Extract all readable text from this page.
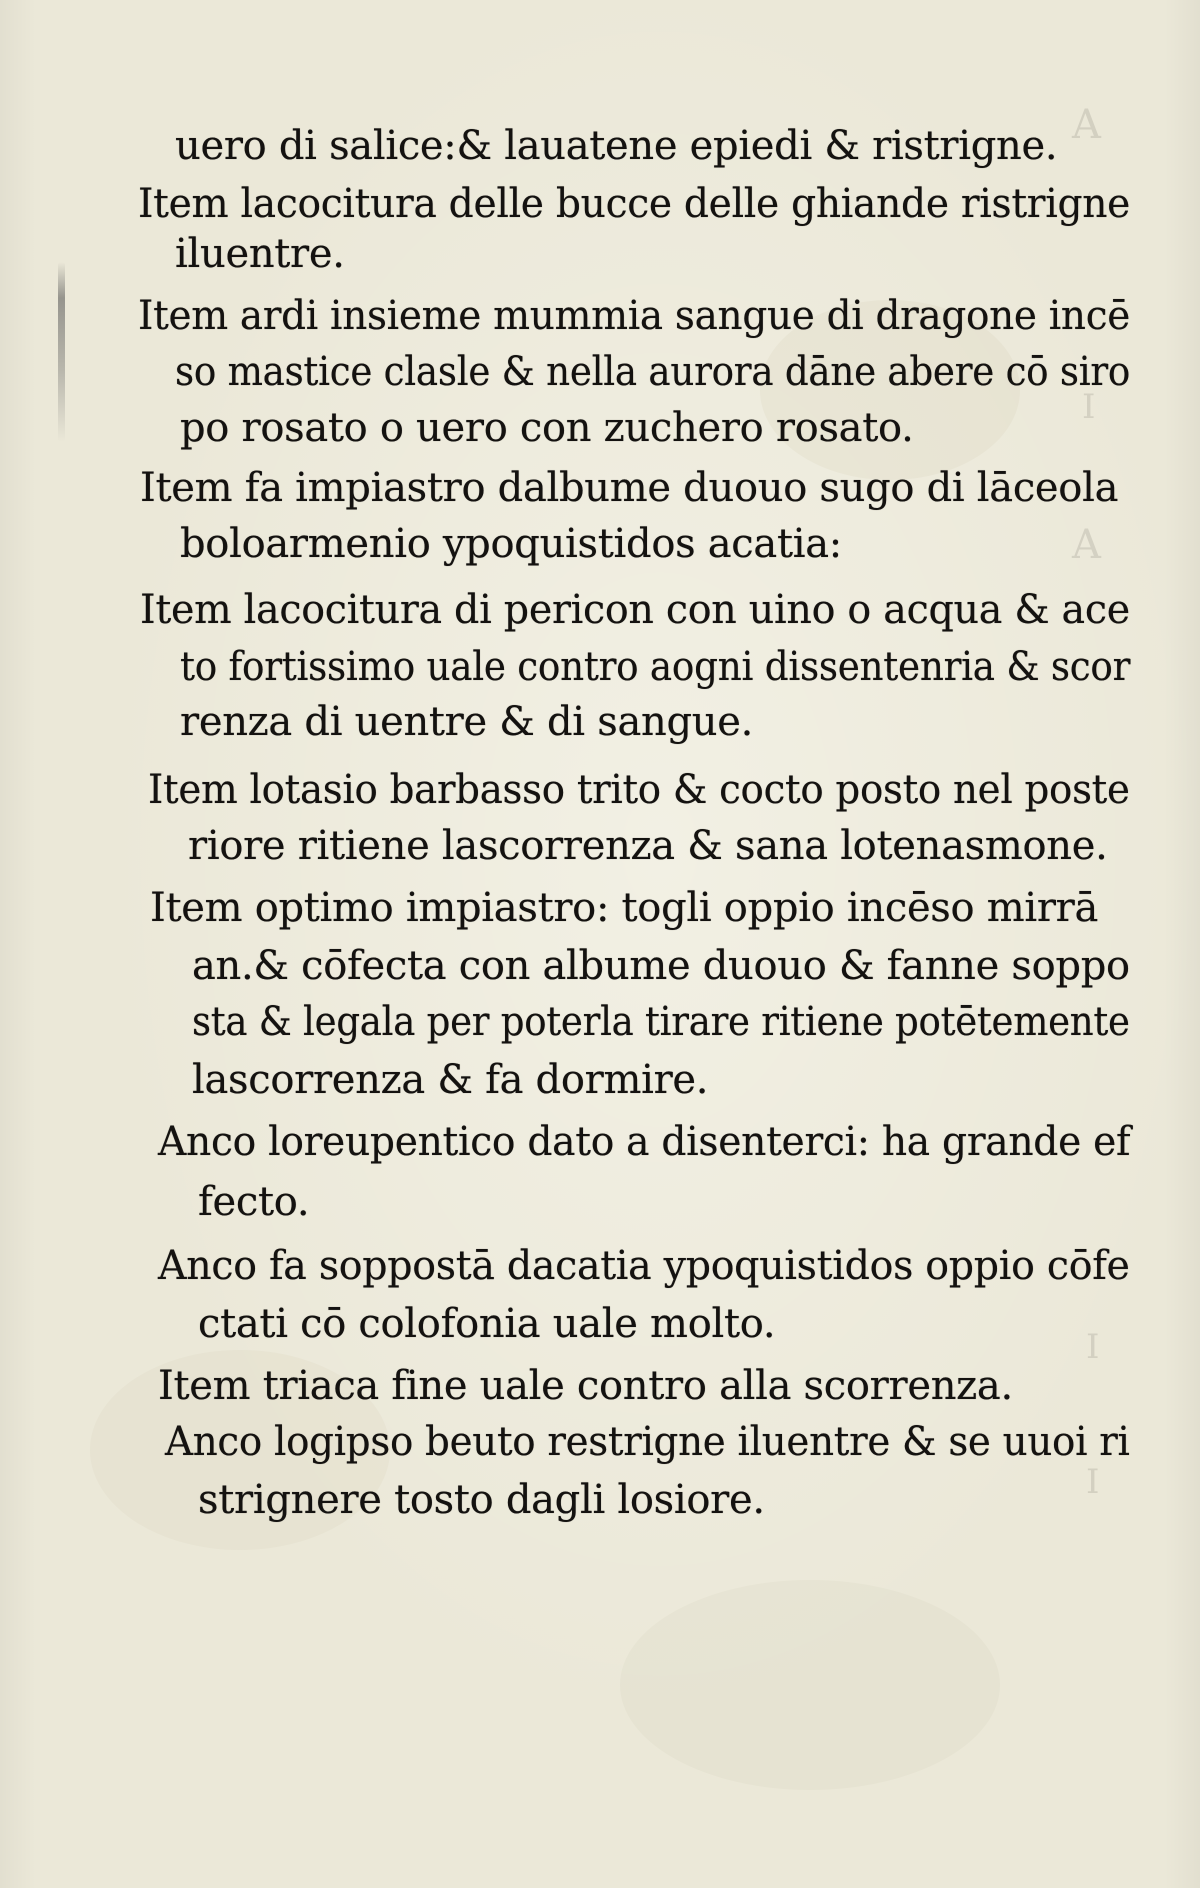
A
I
A
I
I
uero di salice:& lauatene epiedi & ristrigne.
Item lacocitura delle bucce delle ghiande ristrigne
iluentre.
Item ardi insieme mummia sangue di dragone incē
so mastice clasle & nella aurora dāne abere cō siro
po rosato o uero con zuchero rosato.
Item fa impiastro dalbume duouo sugo di lāceola
boloarmenio ypoquistidos acatia:
Item lacocitura di pericon con uino o acqua & ace
to fortissimo uale contro aogni dissentenria & scor
renza di uentre & di sangue.
Item lotasio barbasso trito & cocto posto nel poste
riore ritiene lascorrenza & sana lotenasmone.
Item optimo impiastro: togli oppio incēso mirrā
an.& cōfecta con albume duouo & fanne soppo
sta & legala per poterla tirare ritiene potētemente
lascorrenza & fa dormire.
Anco loreupentico dato a disenterci: ha grande ef
fecto.
Anco fa soppostā dacatia ypoquistidos oppio cōfe
ctati cō colofonia uale molto.
Item triaca fine uale contro alla scorrenza.
Anco logipso beuto restrigne iluentre & se uuoi ri
strignere tosto dagli losiore.
